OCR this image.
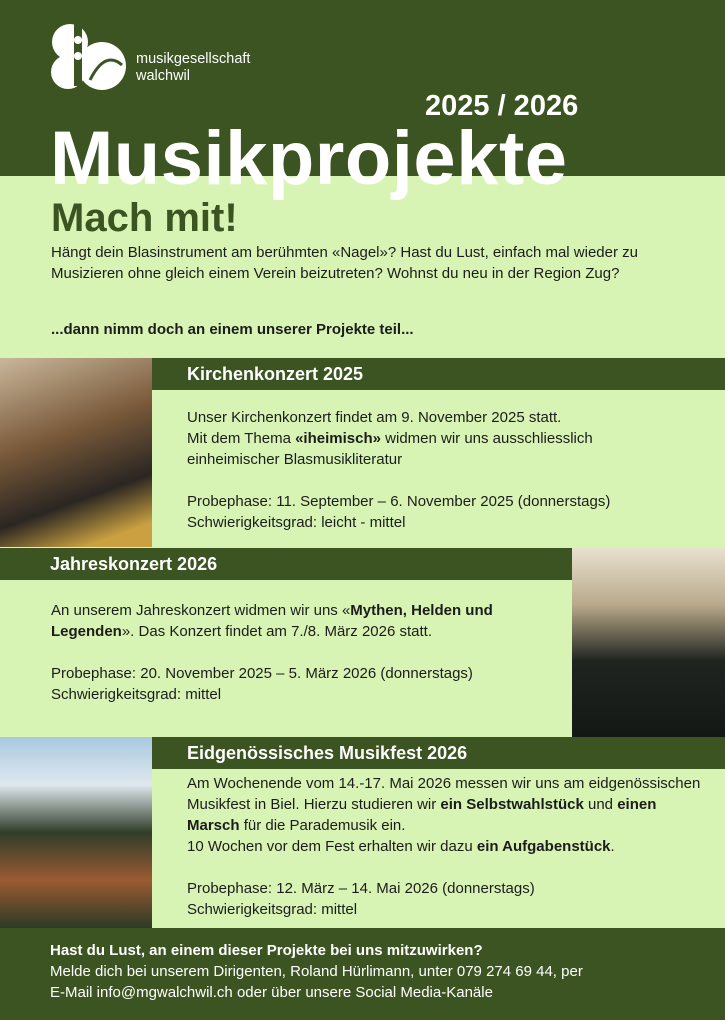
musikgesellschaft
walchwil
2025 / 2026
Musikprojekte
Mach mit!
Hängt dein Blasinstrument am berühmten «Nagel»? Hast du Lust, einfach mal wieder zu Musizieren ohne gleich einem Verein beizutreten? Wohnst du neu in der Region Zug?
...dann nimm doch an einem unserer Projekte teil...
Kirchenkonzert 2025
Unser Kirchenkonzert findet am 9. November 2025 statt.
Mit dem Thema «iheimisch» widmen wir uns ausschliesslich
einheimischer Blasmusikliteratur
Probephase: 11. September – 6. November 2025 (donnerstags)
Schwierigkeitsgrad: leicht - mittel
Jahreskonzert 2026
An unserem Jahreskonzert widmen wir uns «Mythen, Helden und Legenden». Das Konzert findet am 7./8. März 2026 statt.
Probephase: 20. November 2025 – 5. März 2026 (donnerstags)
Schwierigkeitsgrad: mittel
Eidgenössisches Musikfest 2026
Am Wochenende vom 14.-17. Mai 2026 messen wir uns am eidgenössischen Musikfest in Biel. Hierzu studieren wir ein Selbstwahlstück und einen Marsch für die Parademusik ein.
10 Wochen vor dem Fest erhalten wir dazu ein Aufgabenstück.
Probephase: 12. März – 14. Mai 2026 (donnerstags)
Schwierigkeitsgrad: mittel
Hast du Lust, an einem dieser Projekte bei uns mitzuwirken?
Melde dich bei unserem Dirigenten, Roland Hürlimann, unter 079 274 69 44, per
E-Mail info@mgwalchwil.ch oder über unsere Social Media-Kanäle
